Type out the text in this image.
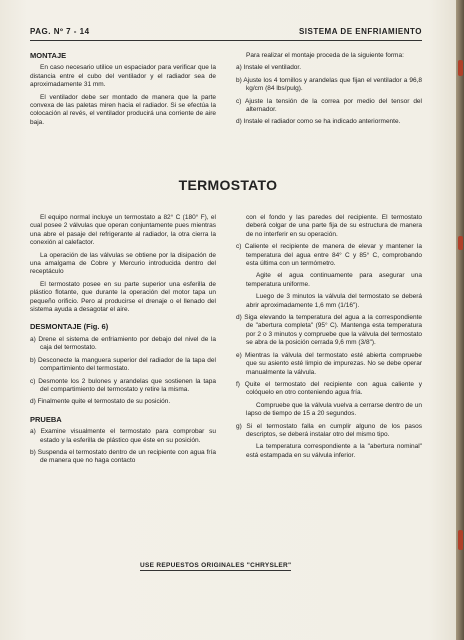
PAG. Nº 7 - 14	SISTEMA DE ENFRIAMIENTO
MONTAJE

En caso necesario utilice un espaciador para verificar que la distancia entre el cubo del ventilador y el radiador sea de aproximadamente 31 mm.

El ventilador debe ser montado de manera que la parte convexa de las paletas miren hacia el radiador. Si se efectúa la colocación al revés, el ventilador producirá una corriente de aire baja.

Para realizar el montaje proceda de la siguiente forma:

a) Instale el ventilador.

b) Ajuste los 4 tornillos y arandelas que fijan el ventilador a 96,8 kg/cm (84 lbs/pulg).

c) Ajuste la tensión de la correa por medio del tensor del alternador.

d) Instale el radiador como se ha indicado anteriormente.

TERMOSTATO

El equipo normal incluye un termostato a 82° C (180° F), el cual posee 2 válvulas que operan conjuntamente pues mientras una abre el pasaje del refrigerante al radiador, la otra cierra la conexión al calefactor.

La operación de las válvulas se obtiene por la disipación de una amalgama de Cobre y Mercurio introducida dentro del receptáculo

El termostato posee en su parte superior una esferilla de plástico flotante, que durante la operación del motor tapa un pequeño orificio. Pero al producirse el drenaje o el llenado del sistema ayuda a desagotar el aire.

DESMONTAJE (Fig. 6)

a) Drene el sistema de enfriamiento por debajo del nivel de la caja del termostato.

b) Desconecte la manguera superior del radiador de la tapa del compartimiento del termostato.

c) Desmonte los 2 bulones y arandelas que sostienen la tapa del compartimiento del termostato y retire la misma.

d) Finalmente quite el termostato de su posición.

PRUEBA

a) Examine visualmente el termostato para comprobar su estado y la esferilla de plástico que éste en su posición.

b) Suspenda el termostato dentro de un recipiente con agua fría de manera que no haga contacto

con el fondo y las paredes del recipiente. El termostato deberá colgar de una parte fija de su estructura de manera de no interferir en su operación.

c) Caliente el recipiente de manera de elevar y mantener la temperatura del agua entre 84° C y 85° C, comprobando esta última con un termómetro.

Agite el agua continuamente para asegurar una temperatura uniforme.

Luego de 3 minutos la válvula del termostato se deberá abrir aproximadamente 1,6 mm (1/16").

d) Siga elevando la temperatura del agua a la correspondiente de "abertura completa" (95° C). Mantenga esta temperatura por 2 o 3 minutos y compruebe que la válvula del termostato se abra de la posición cerrada 9,6 mm (3/8").

e) Mientras la válvula del termostato esté abierta compruebe que su asiento esté limpio de impurezas. No se debe operar manualmente la válvula.

f) Quite el termostato del recipiente con agua caliente y colóquelo en otro conteniendo agua fría.

Compruebe que la válvula vuelva a cerrarse dentro de un lapso de tiempo de 15 a 20 segundos.

g) Si el termostato falla en cumplir alguno de los pasos descriptos, se deberá instalar otro del mismo tipo.

La temperatura correspondiente a la "abertura nominal" está estampada en su válvula inferior.

USE REPUESTOS ORIGINALES "CHRYSLER"
